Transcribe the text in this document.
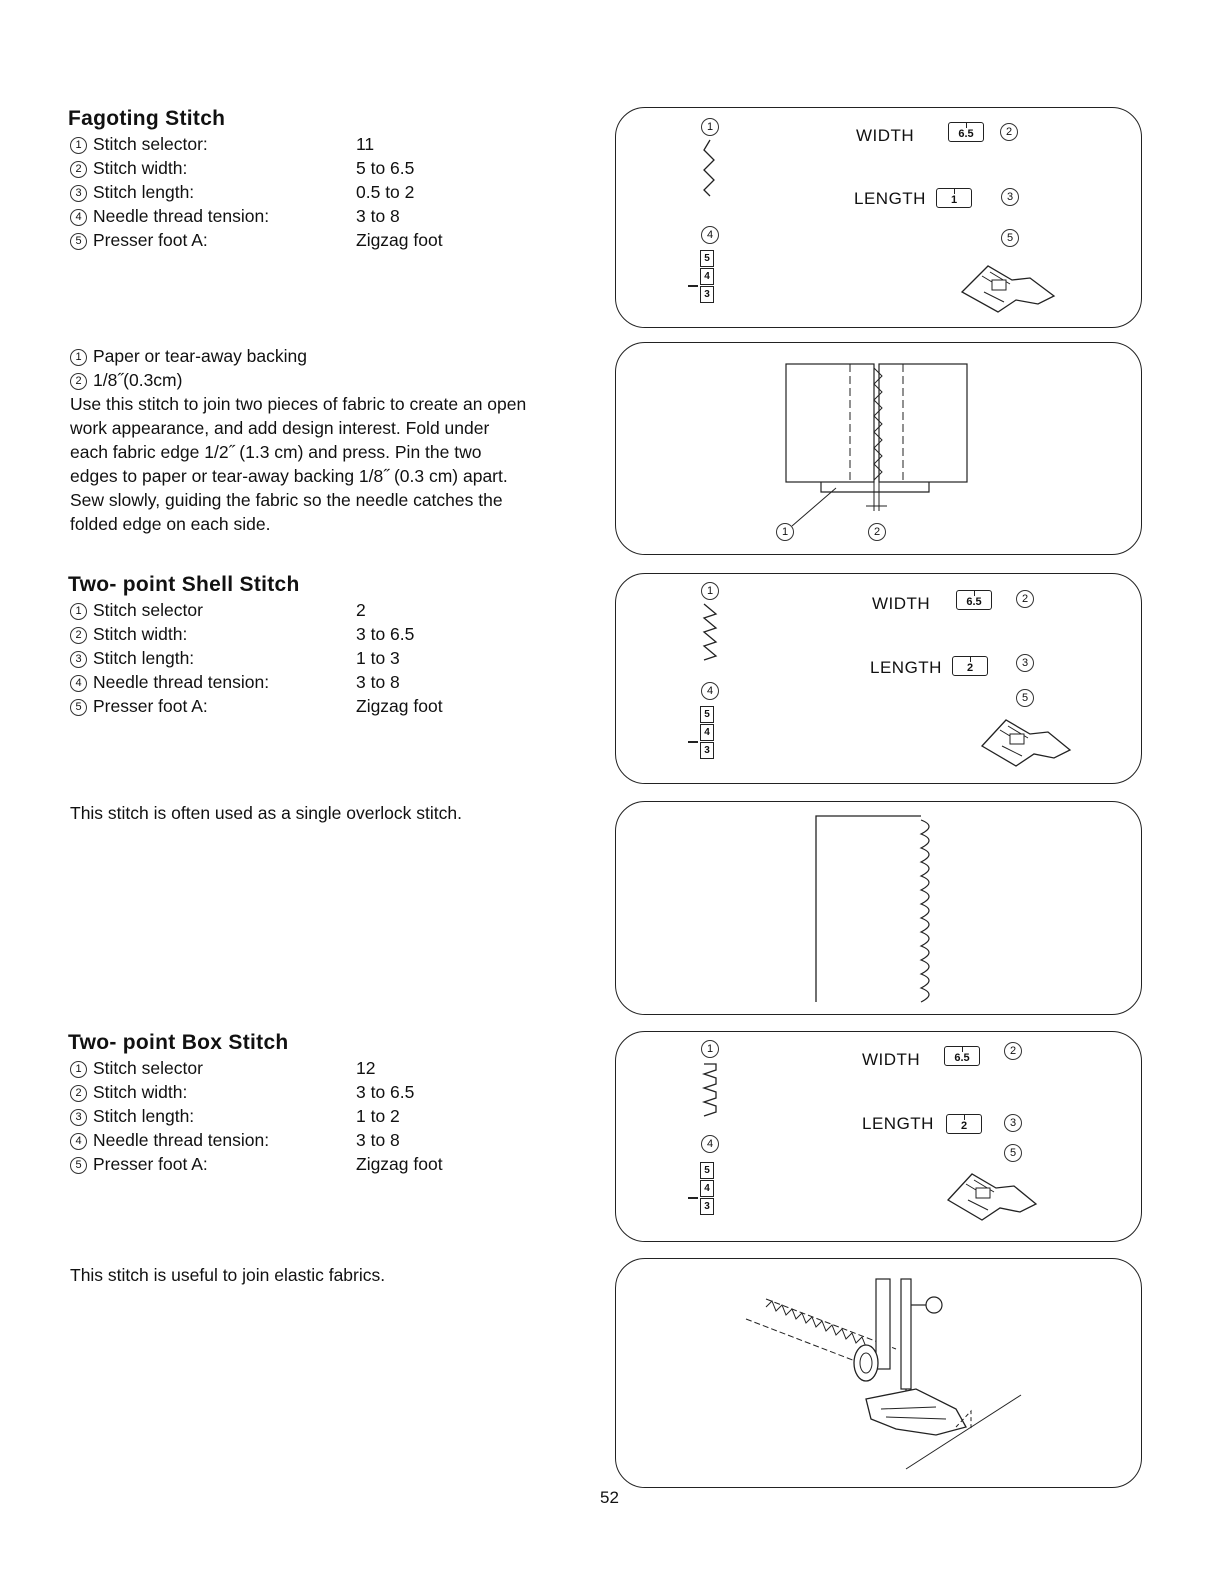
Fagoting Stitch
1 Stitch selector:	11
2 Stitch width:	5 to 6.5
3 Stitch length:	0.5 to 2
4 Needle thread tension:	3 to 8
5 Presser foot A:	Zigzag foot
1 Paper or tear-away backing
2 1/8˝(0.3cm)
Use this stitch to join two pieces of fabric to create an open
work appearance, and add design interest. Fold under
each fabric edge 1/2˝ (1.3 cm) and press. Pin the two
edges to paper or tear-away backing 1/8˝ (0.3 cm) apart.
Sew slowly, guiding the fabric so the needle catches the
folded edge on each side.
1
4
5
4
3
WIDTH	6.5	2
LENGTH	1	3
5
1	2
Two- point Shell Stitch
1 Stitch selector	2
2 Stitch width:	3 to 6.5
3 Stitch length:	1 to 3
4 Needle thread tension:	3 to 8
5 Presser foot A:	Zigzag foot
This stitch is often used as a single overlock stitch.
1
4
5
4
3
WIDTH	6.5	2
LENGTH	2	3
5
Two- point Box Stitch
1 Stitch selector	12
2 Stitch width:	3 to 6.5
3 Stitch length:	1 to 2
4 Needle thread tension:	3 to 8
5 Presser foot A:	Zigzag foot
This stitch is useful to join elastic fabrics.
1
4
5
4
3
WIDTH	6.5
2
LENGTH	2	3
5
52
